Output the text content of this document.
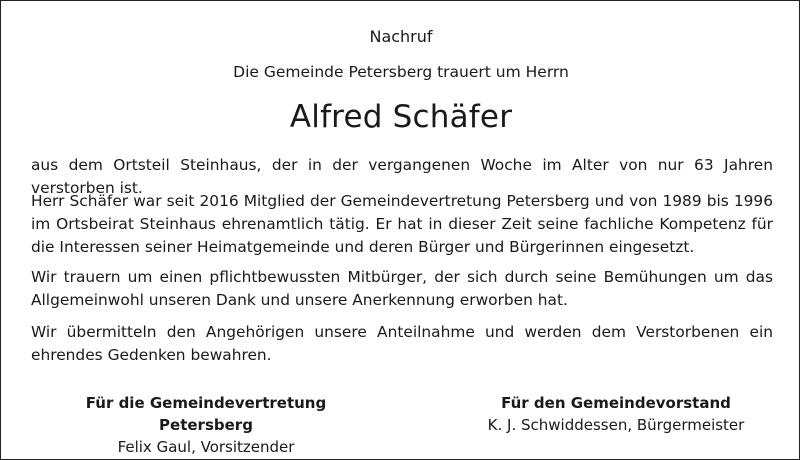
Nachruf
Die Gemeinde Petersberg trauert um Herrn
Alfred Schäfer

aus dem Ortsteil Steinhaus, der in der vergangenen Woche im Alter von nur 63 Jahren verstorben ist.

Herr Schäfer war seit 2016 Mitglied der Gemeindevertretung Petersberg und von 1989 bis 1996 im Ortsbeirat Steinhaus ehrenamtlich tätig. Er hat in dieser Zeit seine fachliche Kompetenz für die Interessen seiner Heimatgemeinde und deren Bürger und Bürgerinnen eingesetzt.

Wir trauern um einen pflichtbewussten Mitbürger, der sich durch seine Bemühungen um das Allgemeinwohl unseren Dank und unsere Anerkennung erworben hat.

Wir übermitteln den Angehörigen unsere Anteilnahme und werden dem Verstorbenen ein ehrendes Gedenken bewahren.

Für die Gemeindevertretung Petersberg
Felix Gaul, Vorsitzender
Für den Gemeindevorstand
K. J. Schwiddessen, Bürgermeister
